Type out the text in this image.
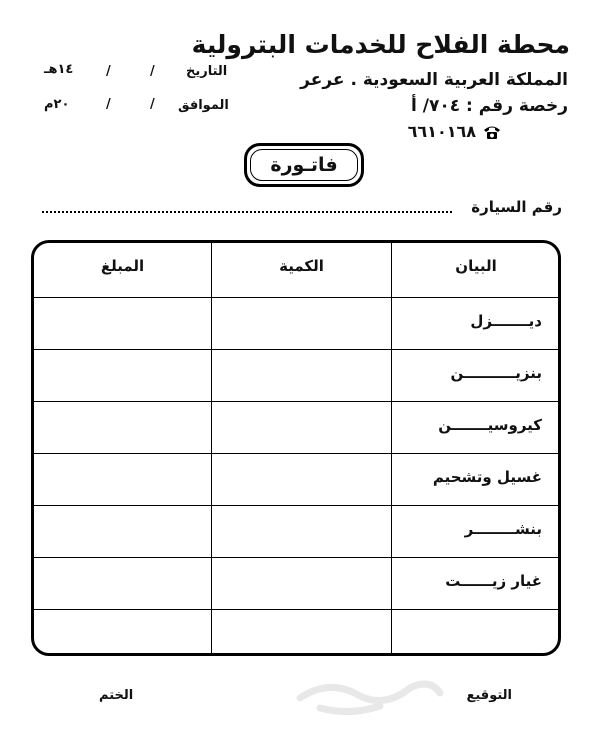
محطة الفلاح للخدمات البترولية
المملكة العربية السعودية . عرعر
رخصة رقم : ٧٠٤/ أ
٦٦١٠١٦٨
التاريخ
/
/
١٤هـ
الموافق
/
/
٢٠م
فاتـورة
رقم السيارة
البيان
الكمية
المبلغ
ديـــــــزل
بنزيــــــــــن
كيروسيـــــــن
غسيل وتشحيم
بنشــــــــر
غيار زيــــــت
التوقيع
الختم
